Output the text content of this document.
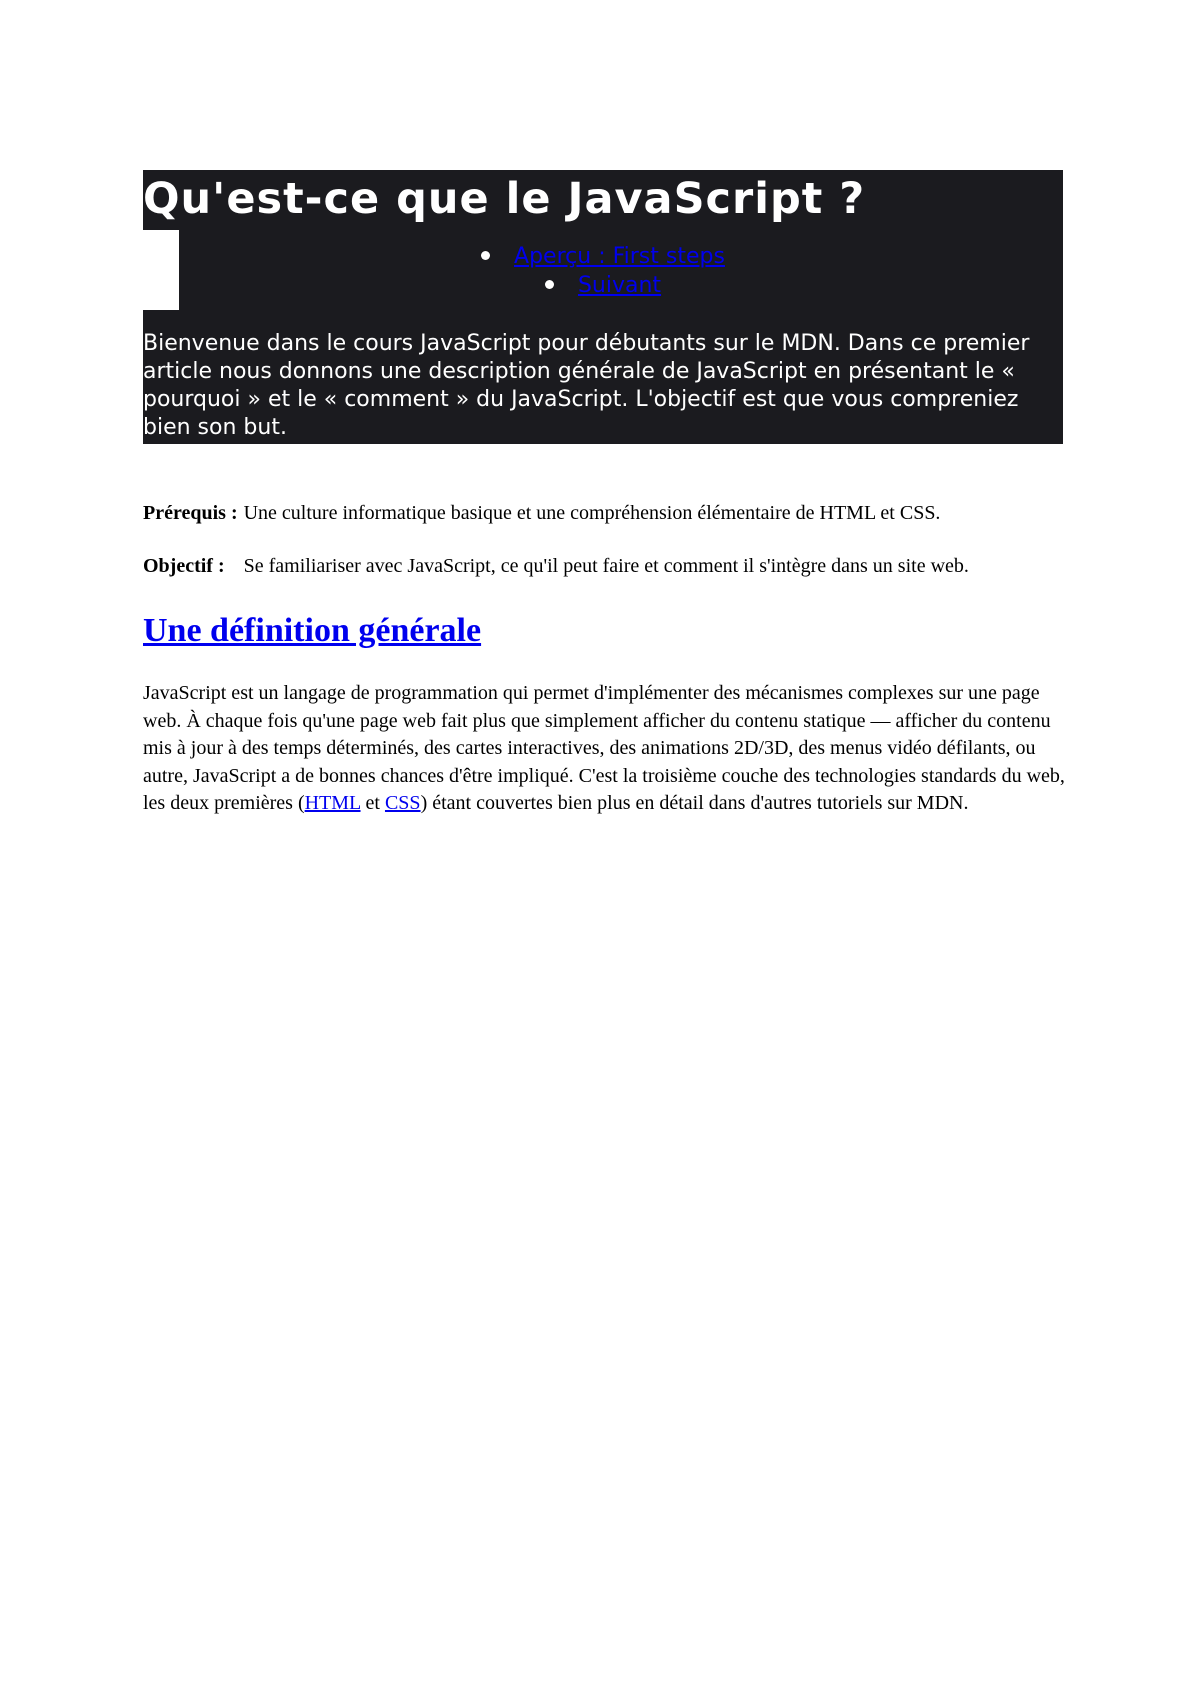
Qu'est-ce que le JavaScript ?
Aperçu : First steps
Suivant

Bienvenue dans le cours JavaScript pour débutants sur le MDN. Dans ce premier article nous donnons une description générale de JavaScript en présentant le « pourquoi » et le « comment » du JavaScript. L'objectif est que vous compreniez bien son but.

Prérequis :	Une culture informatique basique et une compréhension élémentaire de HTML et CSS.
Objectif :	Se familiariser avec JavaScript, ce qu'il peut faire et comment il s'intègre dans un site web.
Une définition générale

JavaScript est un langage de programmation qui permet d'implémenter des mécanismes complexes sur une page web. À chaque fois qu'une page web fait plus que simplement afficher du contenu statique — afficher du contenu mis à jour à des temps déterminés, des cartes interactives, des animations 2D/3D, des menus vidéo défilants, ou autre, JavaScript a de bonnes chances d'être impliqué. C'est la troisième couche des technologies standards du web, les deux premières (HTML et CSS) étant couvertes bien plus en détail dans d'autres tutoriels sur MDN.
